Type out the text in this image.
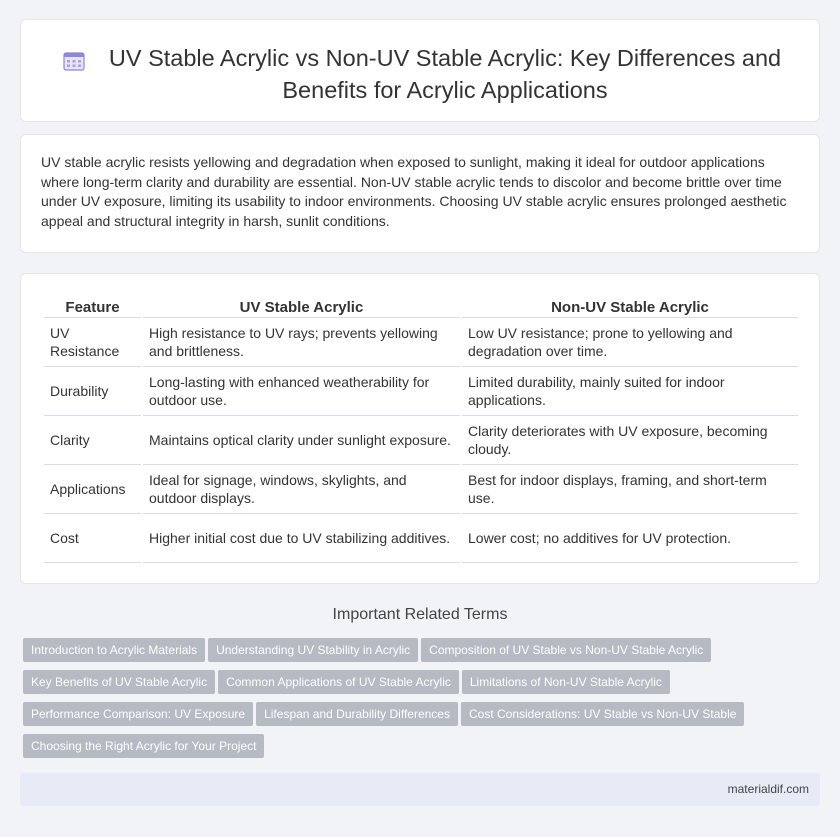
UV Stable Acrylic vs Non-UV Stable Acrylic: Key Differences and Benefits for Acrylic Applications

UV stable acrylic resists yellowing and degradation when exposed to sunlight, making it ideal for outdoor applications where long-term clarity and durability are essential. Non-UV stable acrylic tends to discolor and become brittle over time under UV exposure, limiting its usability to indoor environments. Choosing UV stable acrylic ensures prolonged aesthetic appeal and structural integrity in harsh, sunlit conditions.

Feature	UV Stable Acrylic	Non-UV Stable Acrylic
UV Resistance	High resistance to UV rays; prevents yellowing and brittleness.	Low UV resistance; prone to yellowing and degradation over time.
Durability	Long-lasting with enhanced weatherability for outdoor use.	Limited durability, mainly suited for indoor applications.
Clarity	Maintains optical clarity under sunlight exposure.	Clarity deteriorates with UV exposure, becoming cloudy.
Applications	Ideal for signage, windows, skylights, and outdoor displays.	Best for indoor displays, framing, and short-term use.
Cost	Higher initial cost due to UV stabilizing additives.	Lower cost; no additives for UV protection.
Important Related Terms
Introduction to Acrylic Materials Understanding UV Stability in Acrylic Composition of UV Stable vs Non-UV Stable Acrylic
Key Benefits of UV Stable Acrylic Common Applications of UV Stable Acrylic Limitations of Non-UV Stable Acrylic
Performance Comparison: UV Exposure Lifespan and Durability Differences Cost Considerations: UV Stable vs Non-UV Stable
Choosing the Right Acrylic for Your Project
materialdif.com
